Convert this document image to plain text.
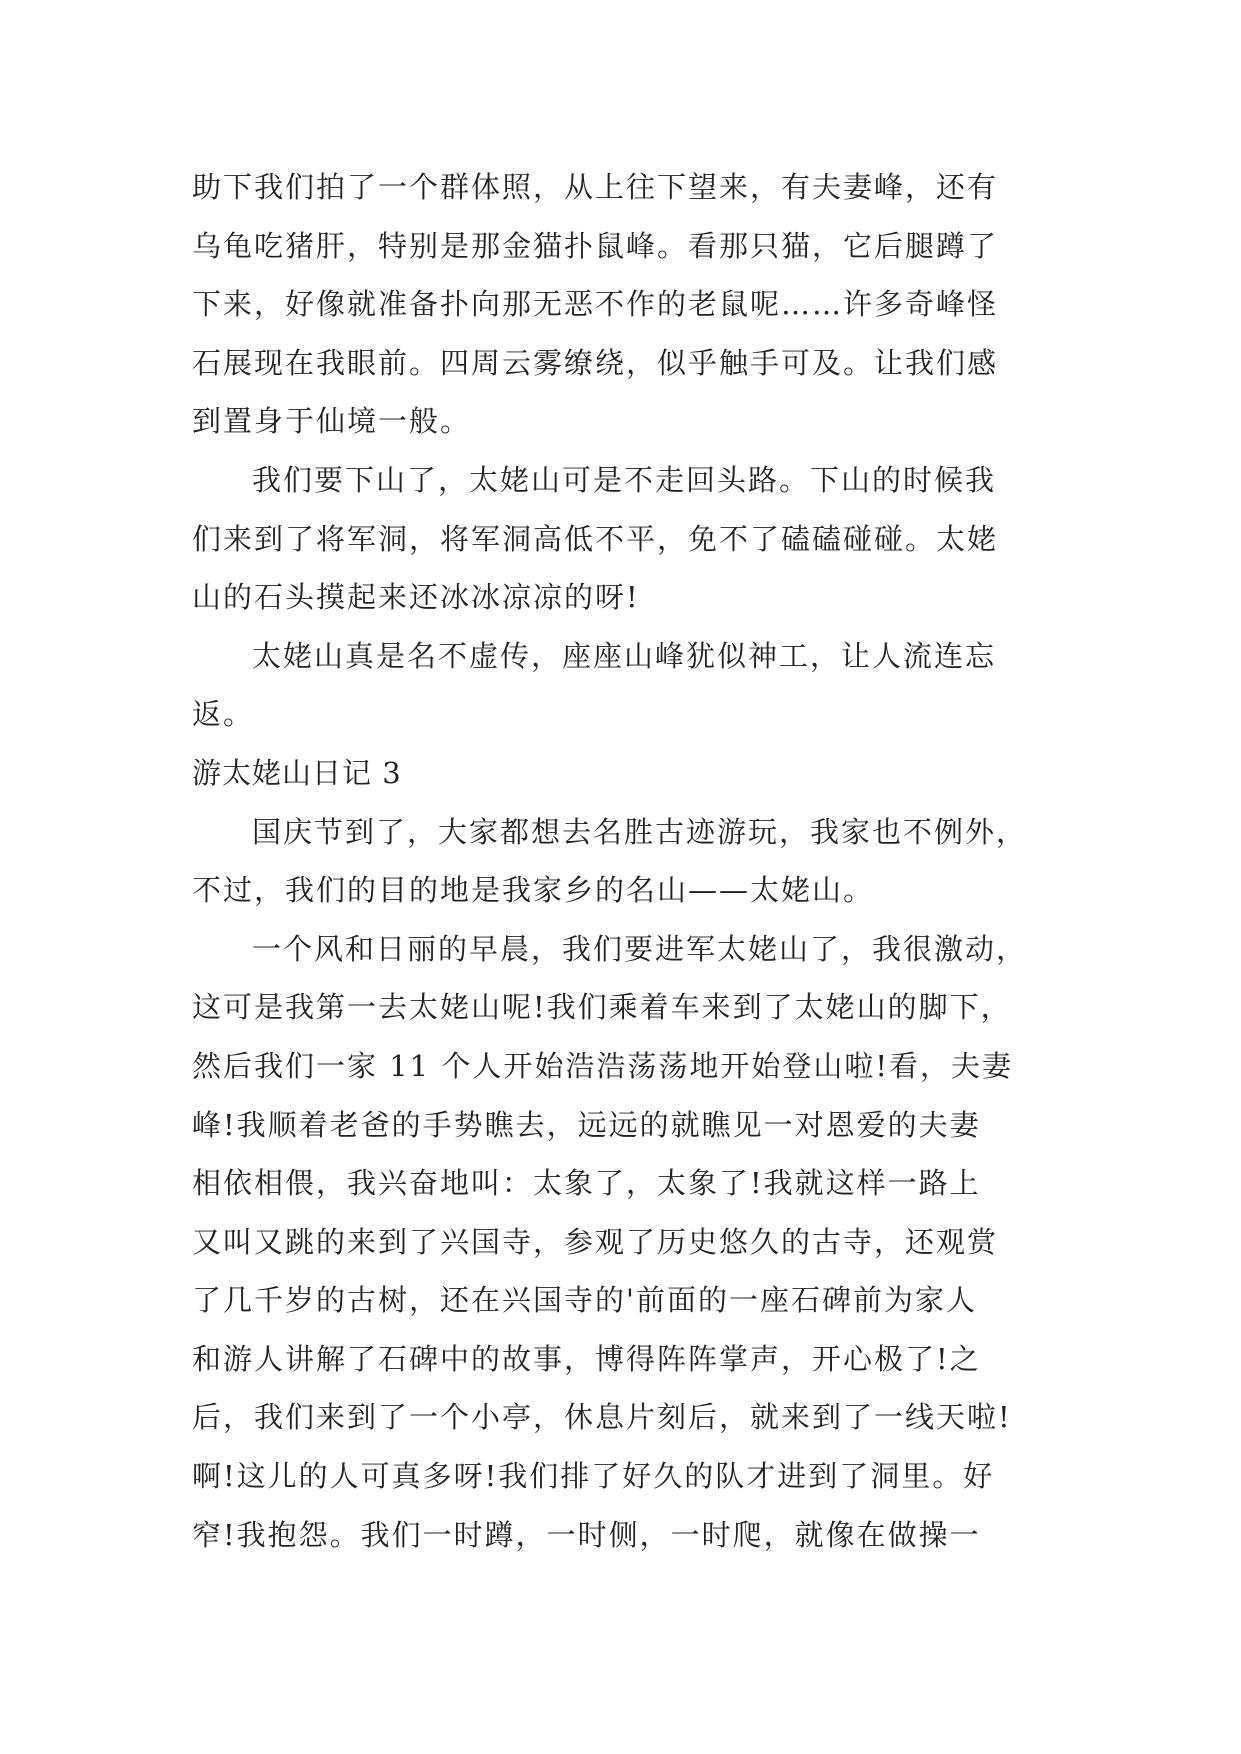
助下我们拍了一个群体照，从上往下望来，有夫妻峰，还有
乌龟吃猪肝，特别是那金猫扑鼠峰。看那只猫，它后腿蹲了
下来，好像就准备扑向那无恶不作的老鼠呢……许多奇峰怪
石展现在我眼前。四周云雾缭绕，似乎触手可及。让我们感
到置身于仙境一般。
我们要下山了，太姥山可是不走回头路。下山的时候我
们来到了将军洞，将军洞高低不平，免不了磕磕碰碰。太姥
山的石头摸起来还冰冰凉凉的呀!
太姥山真是名不虚传，座座山峰犹似神工，让人流连忘
返。
游太姥山日记 3
国庆节到了，大家都想去名胜古迹游玩，我家也不例外，
不过，我们的目的地是我家乡的名山——太姥山。
一个风和日丽的早晨，我们要进军太姥山了，我很激动，
这可是我第一去太姥山呢!我们乘着车来到了太姥山的脚下，
然后我们一家 11 个人开始浩浩荡荡地开始登山啦!看，夫妻
峰!我顺着老爸的手势瞧去，远远的就瞧见一对恩爱的夫妻
相依相偎，我兴奋地叫：太象了，太象了!我就这样一路上
又叫又跳的来到了兴国寺，参观了历史悠久的古寺，还观赏
了几千岁的古树，还在兴国寺的'前面的一座石碑前为家人
和游人讲解了石碑中的故事，博得阵阵掌声，开心极了!之
后，我们来到了一个小亭，休息片刻后，就来到了一线天啦!
啊!这儿的人可真多呀!我们排了好久的队才进到了洞里。好
窄!我抱怨。我们一时蹲，一时侧，一时爬，就像在做操一
